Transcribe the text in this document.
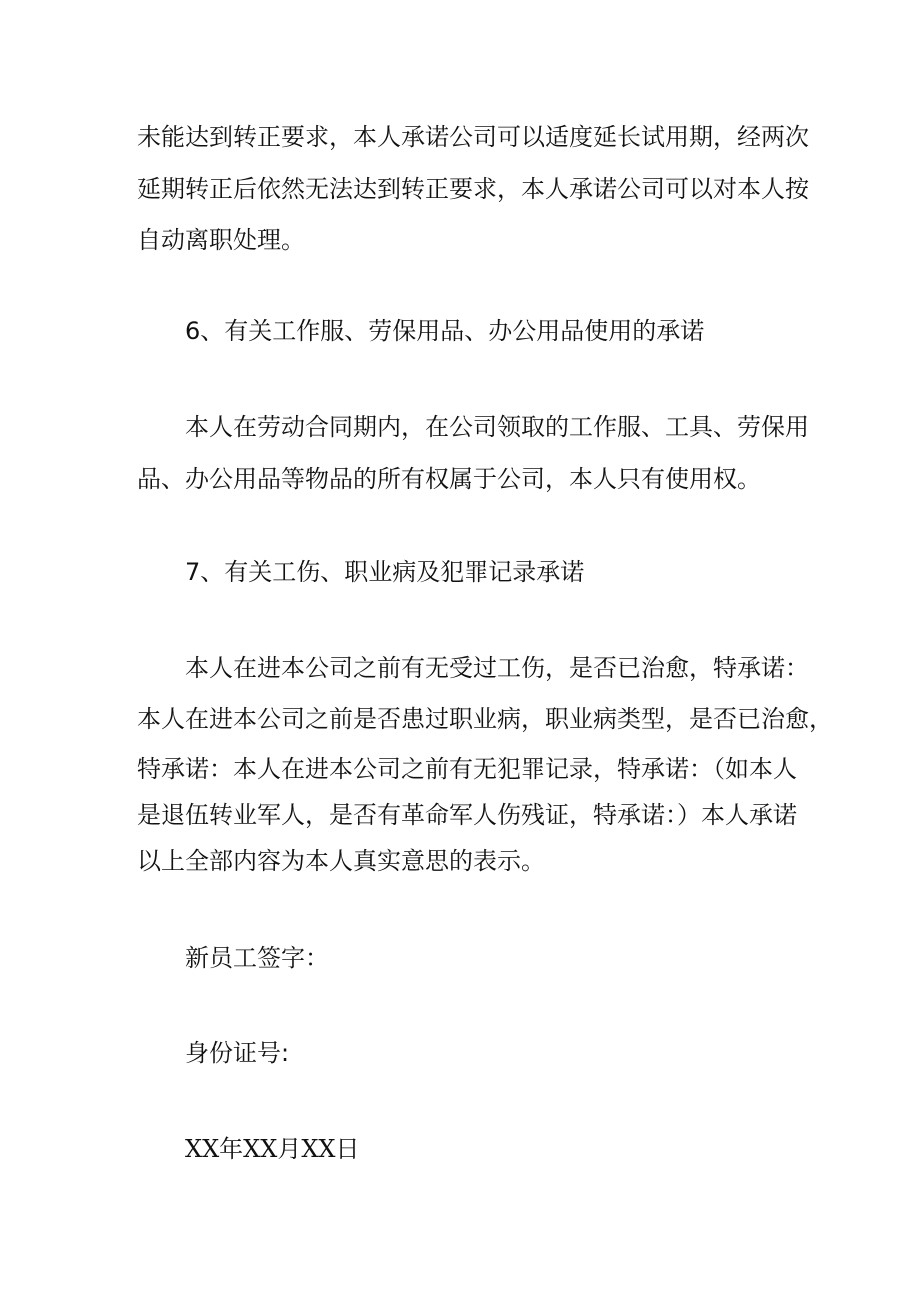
未能达到转正要求，本人承诺公司可以适度延长试用期，经两次
延期转正后依然无法达到转正要求，本人承诺公司可以对本人按
自动离职处理。
6、有关工作服、劳保用品、办公用品使用的承诺
本人在劳动合同期内，在公司领取的工作服、工具、劳保用
品、办公用品等物品的所有权属于公司，本人只有使用权。
7、有关工伤、职业病及犯罪记录承诺
本人在进本公司之前有无受过工伤，是否已治愈，特承诺：
本人在进本公司之前是否患过职业病，职业病类型，是否已治愈，
特承诺：本人在进本公司之前有无犯罪记录，特承诺：（如本人
是退伍转业军人，是否有革命军人伤残证，特承诺：）本人承诺
以上全部内容为本人真实意思的表示。
新员工签字：
身份证号:
XX年XX月XX日
